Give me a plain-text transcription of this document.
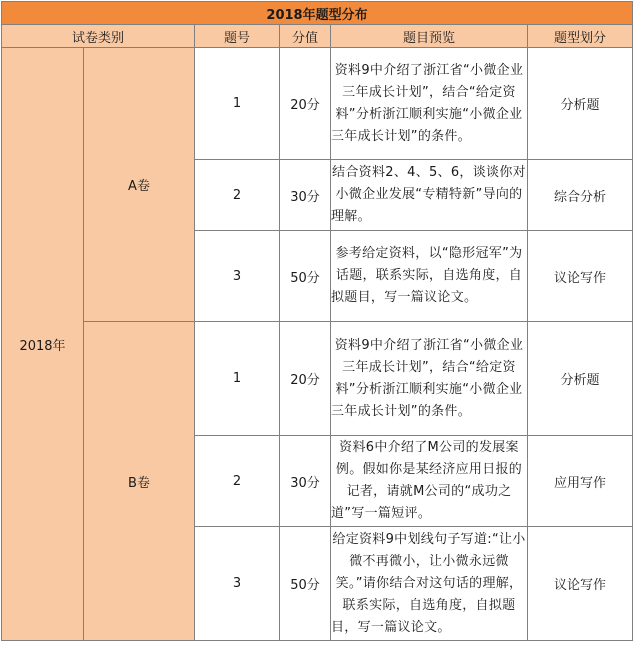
2018年题型分布					
试卷类别		题号	分值	题目预览	题型划分
2018年	A卷	1	20分	资料9中介绍了浙江省“小微企业三年成长计划”，结合“给定资料”分析浙江顺利实施“小微企业三年成长计划”的条件。	分析题
		2	30分	结合资料2、4、5、6，谈谈你对小微企业发展“专精特新”导向的理解。	综合分析
		3	50分	参考给定资料，以“隐形冠军”为话题，联系实际，自选角度，自拟题目，写一篇议论文。	议论写作
	B卷	1	20分	资料9中介绍了浙江省“小微企业三年成长计划”，结合“给定资料”分析浙江顺利实施“小微企业三年成长计划”的条件。	分析题
		2	30分	资料6中介绍了M公司的发展案例。假如你是某经济应用日报的记者，请就M公司的“成功之道”写一篇短评。	应用写作
		3	50分	给定资料9中划线句子写道:“让小微不再微小，让小微永远微笑。”请你结合对这句话的理解，联系实际，自选角度，自拟题目，写一篇议论文。	议论写作
